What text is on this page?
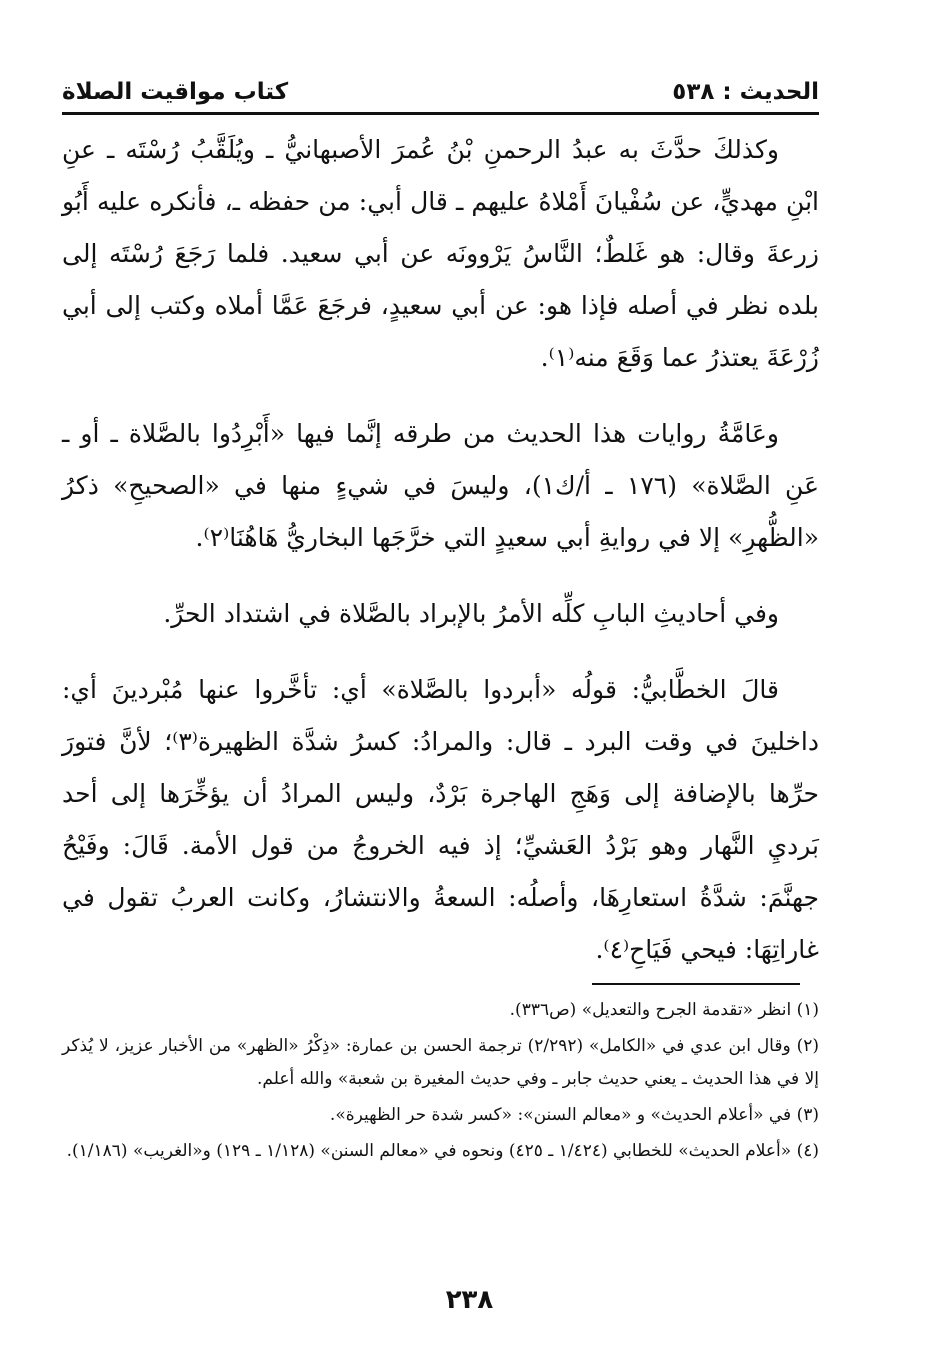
الحديث : ٥٣٨
كتاب مواقيت الصلاة

وكذلكَ حدَّثَ به عبدُ الرحمنِ بْنُ عُمرَ الأصبهانيُّ ـ ويُلَقَّبُ رُسْتَه ـ عنِ ابْنِ مهديٍّ، عن سُفْيانَ أَمْلاهُ عليهم ـ قال أبي: من حفظه ـ، فأنكره عليه أَبُو زرعةَ وقال: هو غَلطٌ؛ النَّاسُ يَرْوونَه عن أبي سعيد. فلما رَجَعَ رُسْتَه إلى بلده نظر في أصله فإذا هو: عن أبي سعيدٍ، فرجَعَ عَمَّا أملاه وكتب إلى أبي زُرْعَةَ يعتذرُ عما وَقَعَ منه⁽١⁾.

وعَامَّةُ روايات هذا الحديث من طرقه إنَّما فيها «أَبْرِدُوا بالصَّلاة ـ أو ـ عَنِ الصَّلاة» (١٧٦ ـ أ/ك١)، وليسَ في شيءٍ منها في «الصحيحِ» ذكرُ «الظُّهرِ» إلا في روايةِ أبي سعيدٍ التي خرَّجَها البخاريُّ هَاهُنَا⁽٢⁾.

وفي أحاديثِ البابِ كلِّه الأمرُ بالإبراد بالصَّلاة في اشتداد الحرِّ.

قالَ الخطَّابيُّ: قولُه «أبردوا بالصَّلاة» أي: تأخَّروا عنها مُبْردينَ أي: داخلينَ في وقت البرد ـ قال: والمرادُ: كسرُ شدَّة الظهيرة⁽٣⁾؛ لأنَّ فتورَ حرِّها بالإضافة إلى وَهَجِ الهاجرة بَرْدٌ، وليس المرادُ أن يؤخِّرَها إلى أحد بَرديِ النَّهار وهو بَرْدُ العَشيِّ؛ إذ فيه الخروجُ من قول الأمة. قَالَ: وفَيْحُ جهنَّمَ: شدَّةُ استعارِهَا، وأصلُه: السعةُ والانتشارُ، وكانت العربُ تقول في غاراتِهَا: فيحي فَيَاحِ⁽٤⁾.

(١) انظر «تقدمة الجرح والتعديل» (ص٣٣٦).

(٢) وقال ابن عدي في «الكامل» (٢/٢٩٢) ترجمة الحسن بن عمارة: «ذِكْرُ «الظهر» من الأخبار عزيز، لا يُذكر إلا في هذا الحديث ـ يعني حديث جابر ـ وفي حديث المغيرة بن شعبة» والله أعلم.

(٣) في «أعلام الحديث» و «معالم السنن»: «كسر شدة حر الظهيرة».

(٤) «أعلام الحديث» للخطابي (١/٤٢٤ ـ ٤٢٥) ونحوه في «معالم السنن» (١/١٢٨ ـ ١٢٩) و«الغريب» (١/١٨٦).

٢٣٨
